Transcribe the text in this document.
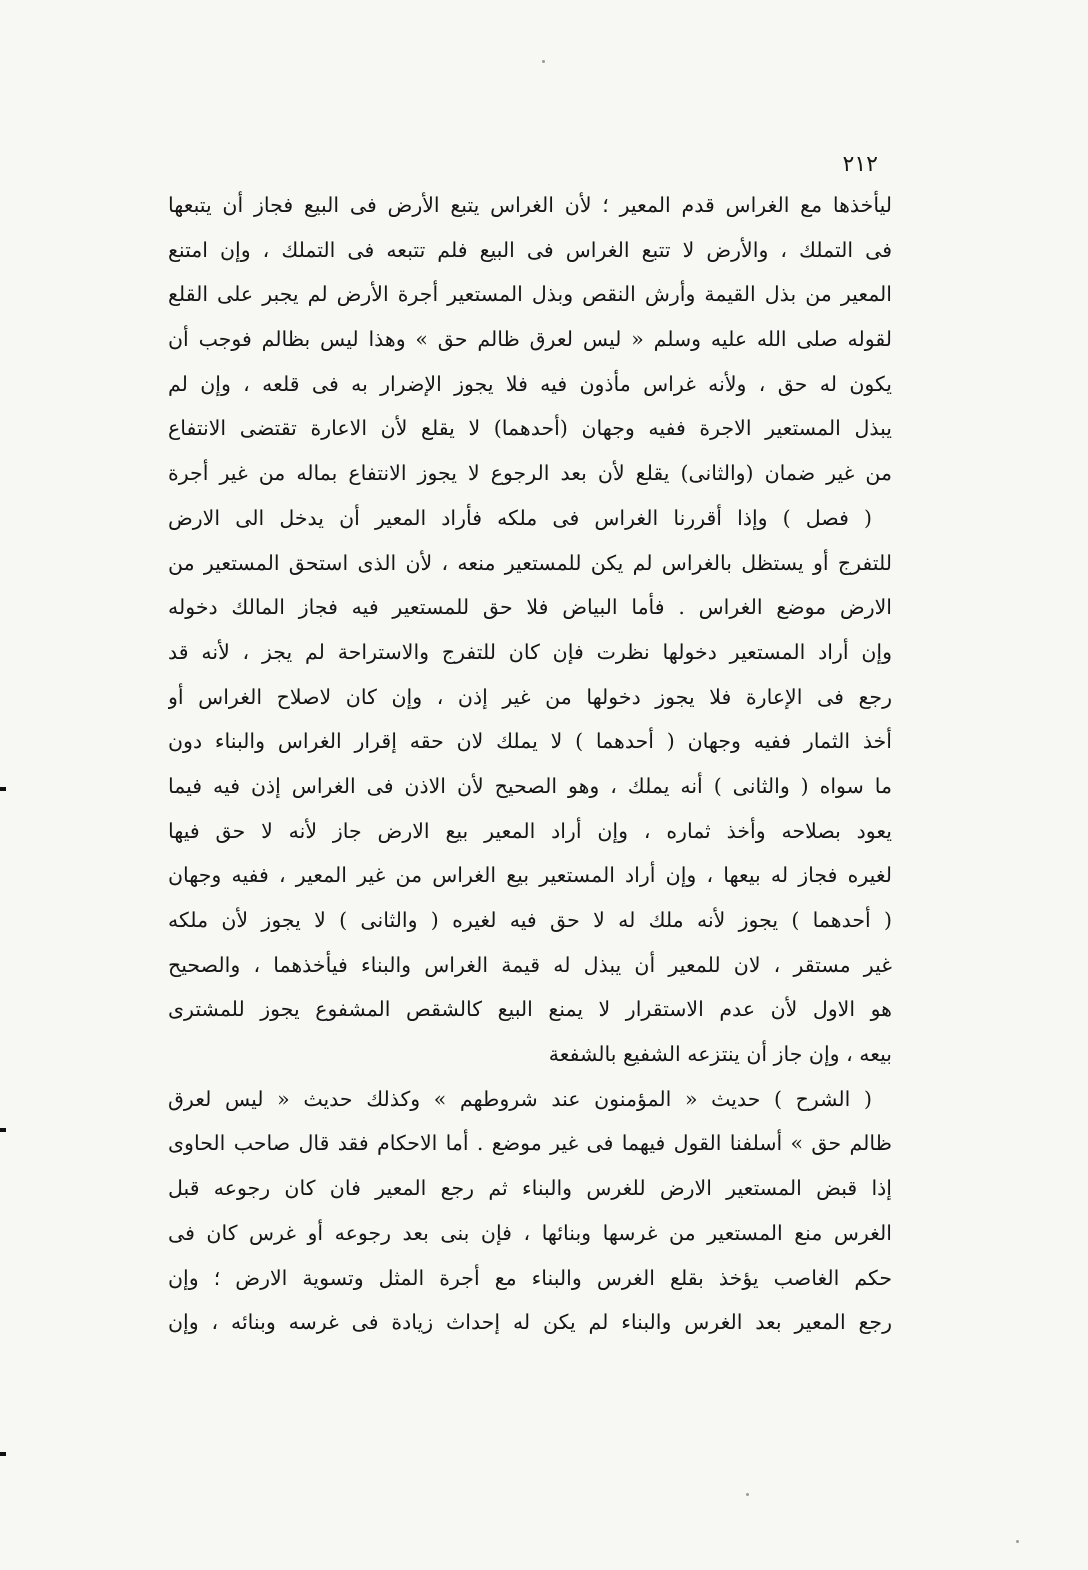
٢١٢
ليأخذها مع الغراس قدم المعير ؛ لأن الغراس يتبع الأرض فى البيع فجاز أن يتبعها
فى التملك ، والأرض لا تتبع الغراس فى البيع فلم تتبعه فى التملك ، وإن امتنع
المعير من بذل القيمة وأرش النقص وبذل المستعير أجرة الأرض لم يجبر على القلع
لقوله صلى الله عليه وسلم « ليس لعرق ظالم حق » وهذا ليس بظالم فوجب أن
يكون له حق ، ولأنه غراس مأذون فيه فلا يجوز الإضرار به فى قلعه ، وإن لم
يبذل المستعير الاجرة ففيه وجهان (أحدهما) لا يقلع لأن الاعارة تقتضى الانتفاع
من غير ضمان (والثانى) يقلع لأن بعد الرجوع لا يجوز الانتفاع بماله من غير أجرة
( فصل ) وإذا أقررنا الغراس فى ملكه فأراد المعير أن يدخل الى الارض
للتفرج أو يستظل بالغراس لم يكن للمستعير منعه ، لأن الذى استحق المستعير من
الارض موضع الغراس . فأما البياض فلا حق للمستعير فيه فجاز المالك دخوله
وإن أراد المستعير دخولها نظرت فإن كان للتفرج والاستراحة لم يجز ، لأنه قد
رجع فى الإعارة فلا يجوز دخولها من غير إذن ، وإن كان لاصلاح الغراس أو
أخذ الثمار ففيه وجهان ( أحدهما ) لا يملك لان حقه إقرار الغراس والبناء دون
ما سواه ( والثانى ) أنه يملك ، وهو الصحيح لأن الاذن فى الغراس إذن فيه فيما
يعود بصلاحه وأخذ ثماره ، وإن أراد المعير بيع الارض جاز لأنه لا حق فيها
لغيره فجاز له بيعها ، وإن أراد المستعير بيع الغراس من غير المعير ، ففيه وجهان
( أحدهما ) يجوز لأنه ملك له لا حق فيه لغيره ( والثانى ) لا يجوز لأن ملكه
غير مستقر ، لان للمعير أن يبذل له قيمة الغراس والبناء فيأخذهما ، والصحيح
هو الاول لأن عدم الاستقرار لا يمنع البيع كالشقص المشفوع يجوز للمشترى
بيعه ، وإن جاز أن ينتزعه الشفيع بالشفعة
( الشرح ) حديث « المؤمنون عند شروطهم » وكذلك حديث « ليس لعرق
ظالم حق » أسلفنا القول فيهما فى غير موضع . أما الاحكام فقد قال صاحب الحاوى
إذا قبض المستعير الارض للغرس والبناء ثم رجع المعير فان كان رجوعه قبل
الغرس منع المستعير من غرسها وبنائها ، فإن بنى بعد رجوعه أو غرس كان فى
حكم الغاصب يؤخذ بقلع الغرس والبناء مع أجرة المثل وتسوية الارض ؛ وإن
رجع المعير بعد الغرس والبناء لم يكن له إحداث زيادة فى غرسه وبنائه ، وإن
